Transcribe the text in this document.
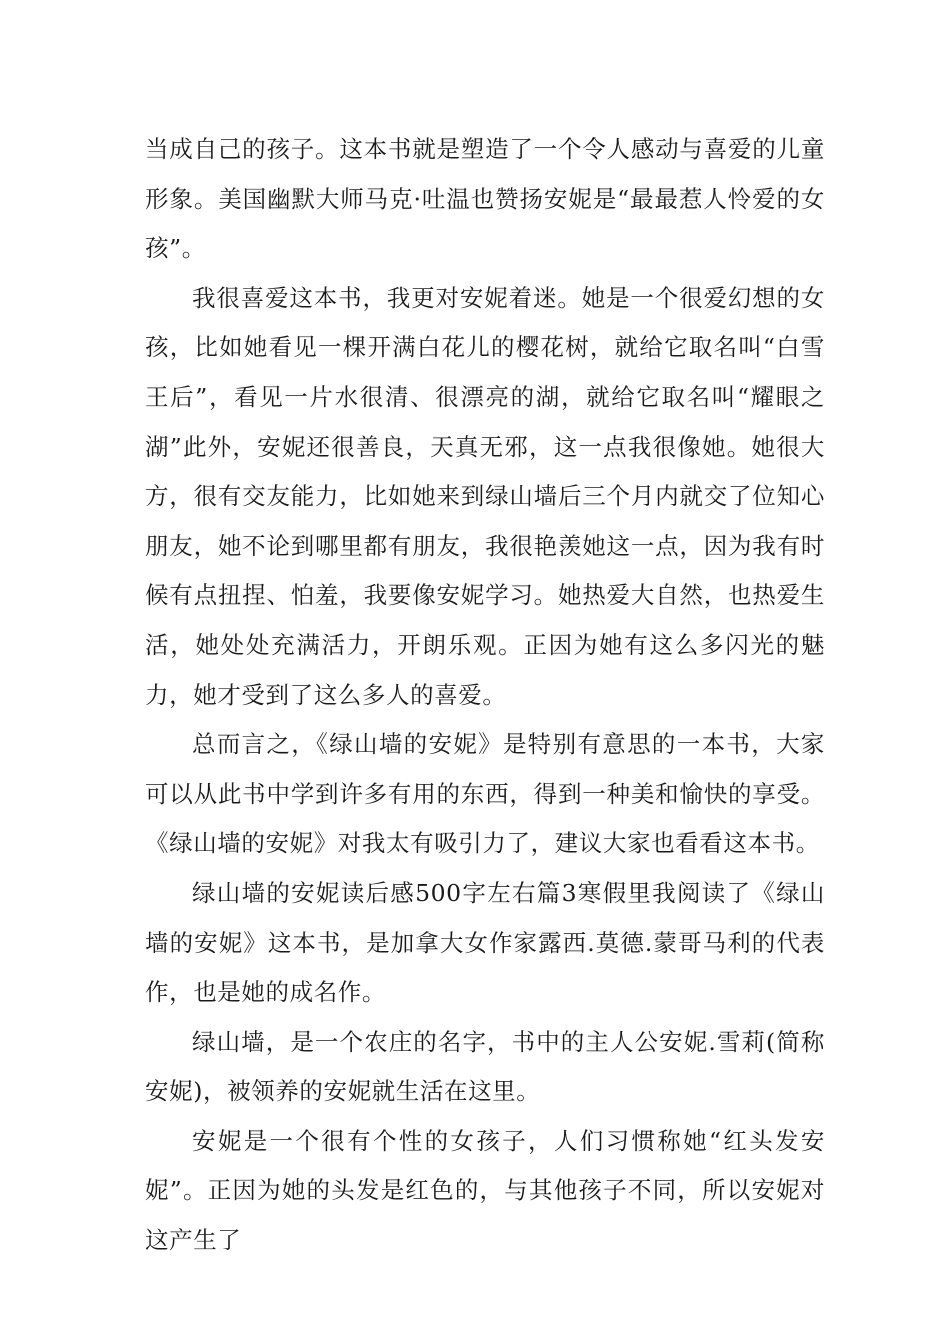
当成自己的孩子。这本书就是塑造了一个令人感动与喜爱的儿童形象。美国幽默大师马克·吐温也赞扬安妮是“最最惹人怜爱的女孩”。

我很喜爱这本书，我更对安妮着迷。她是一个很爱幻想的女孩，比如她看见一棵开满白花儿的樱花树，就给它取名叫“白雪王后”，看见一片水很清、很漂亮的湖，就给它取名叫“耀眼之湖”此外，安妮还很善良，天真无邪，这一点我很像她。她很大方，很有交友能力，比如她来到绿山墙后三个月内就交了位知心朋友，她不论到哪里都有朋友，我很艳羡她这一点，因为我有时候有点扭捏、怕羞，我要像安妮学习。她热爱大自然，也热爱生活，她处处充满活力，开朗乐观。正因为她有这么多闪光的魅力，她才受到了这么多人的喜爱。

总而言之，《绿山墙的安妮》是特别有意思的一本书，大家可以从此书中学到许多有用的东西，得到一种美和愉快的享受。《绿山墙的安妮》对我太有吸引力了，建议大家也看看这本书。

绿山墙的安妮读后感500字左右篇3寒假里我阅读了《绿山墙的安妮》这本书，是加拿大女作家露西.莫德.蒙哥马利的代表作，也是她的成名作。

绿山墙，是一个农庄的名字，书中的主人公安妮.雪莉(简称安妮)，被领养的安妮就生活在这里。

安妮是一个很有个性的女孩子，人们习惯称她“红头发安妮”。正因为她的头发是红色的，与其他孩子不同，所以安妮对这产生了
